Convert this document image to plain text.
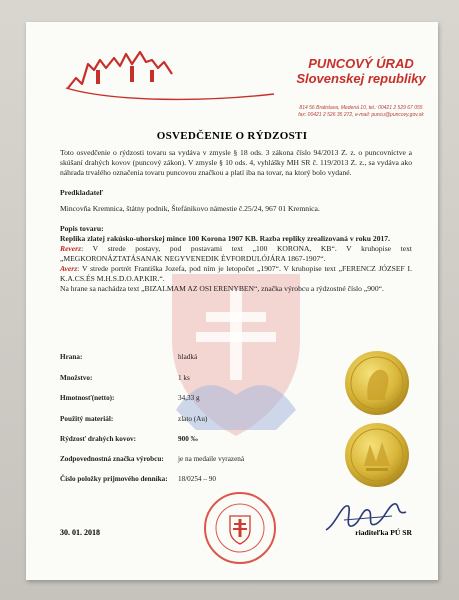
PUNCOVÝ ÚRAD
Slovenskej republiky
814 56 Bratislava, Medená 10, tel.: 00421 2 529 67 055
fax: 00421 2 526 35 272, e-mail: puncu@puncovy.gov.sk
OSVEDČENIE O RÝDZOSTI
Toto osvedčenie o rýdzosti tovaru sa vydáva v zmysle § 18 ods. 3 zákona číslo 94/2013 Z. z. o puncovníctve a skúšaní drahých kovov (puncový zákon). V zmysle § 10 ods. 4, vyhlášky MH SR č. 119/2013 Z. z., sa vydáva ako náhrada trvalého označenia tovaru puncovou značkou a platí iba na tovar, na ktorý bolo vydané.
Predkladateľ
Mincovňa Kremnica, štátny podnik, Štefánikovo námestie č.25/24, 967 01 Kremnica.
Popis tovaru:
Replika zlatej rakúsko-uhorskej mince 100 Korona 1907 KB. Razba repliky zrealizovaná v roku 2017.
Reverz: V strede postavy, pod postavami text „100 KORONA, KB“. V kruhopise text „MEGKORONÁZTATÁSANAK NEGYVENEDIK ÉVFORDULÓJÁRA 1867-1907“.
Averz: V strede portrét Františka Jozefa, pod ním je letopočet „1907“. V kruhopise text „FERENCZ JÓZSEF I. K.A.CS.ÉS M.H.S.D.O.AP.KIR.“.
Na hrane sa nachádza text „BIZALMAM AZ OSI ERENYBEN“, značka výrobcu a rýdzostné číslo „900“.
Hrana:	hladká
Množstvo:	1 ks
Hmotnosť(netto):	34,33 g
Použitý materiál:	zlato (Au)
Rýdzosť drahých kovov:	900 ‰
Zodpovednostná značka výrobcu: je na medaile vyrazená
Číslo položky prijmového denníka: 18/0254 – 90
30. 01. 2018	riaditeľka PÚ SR
